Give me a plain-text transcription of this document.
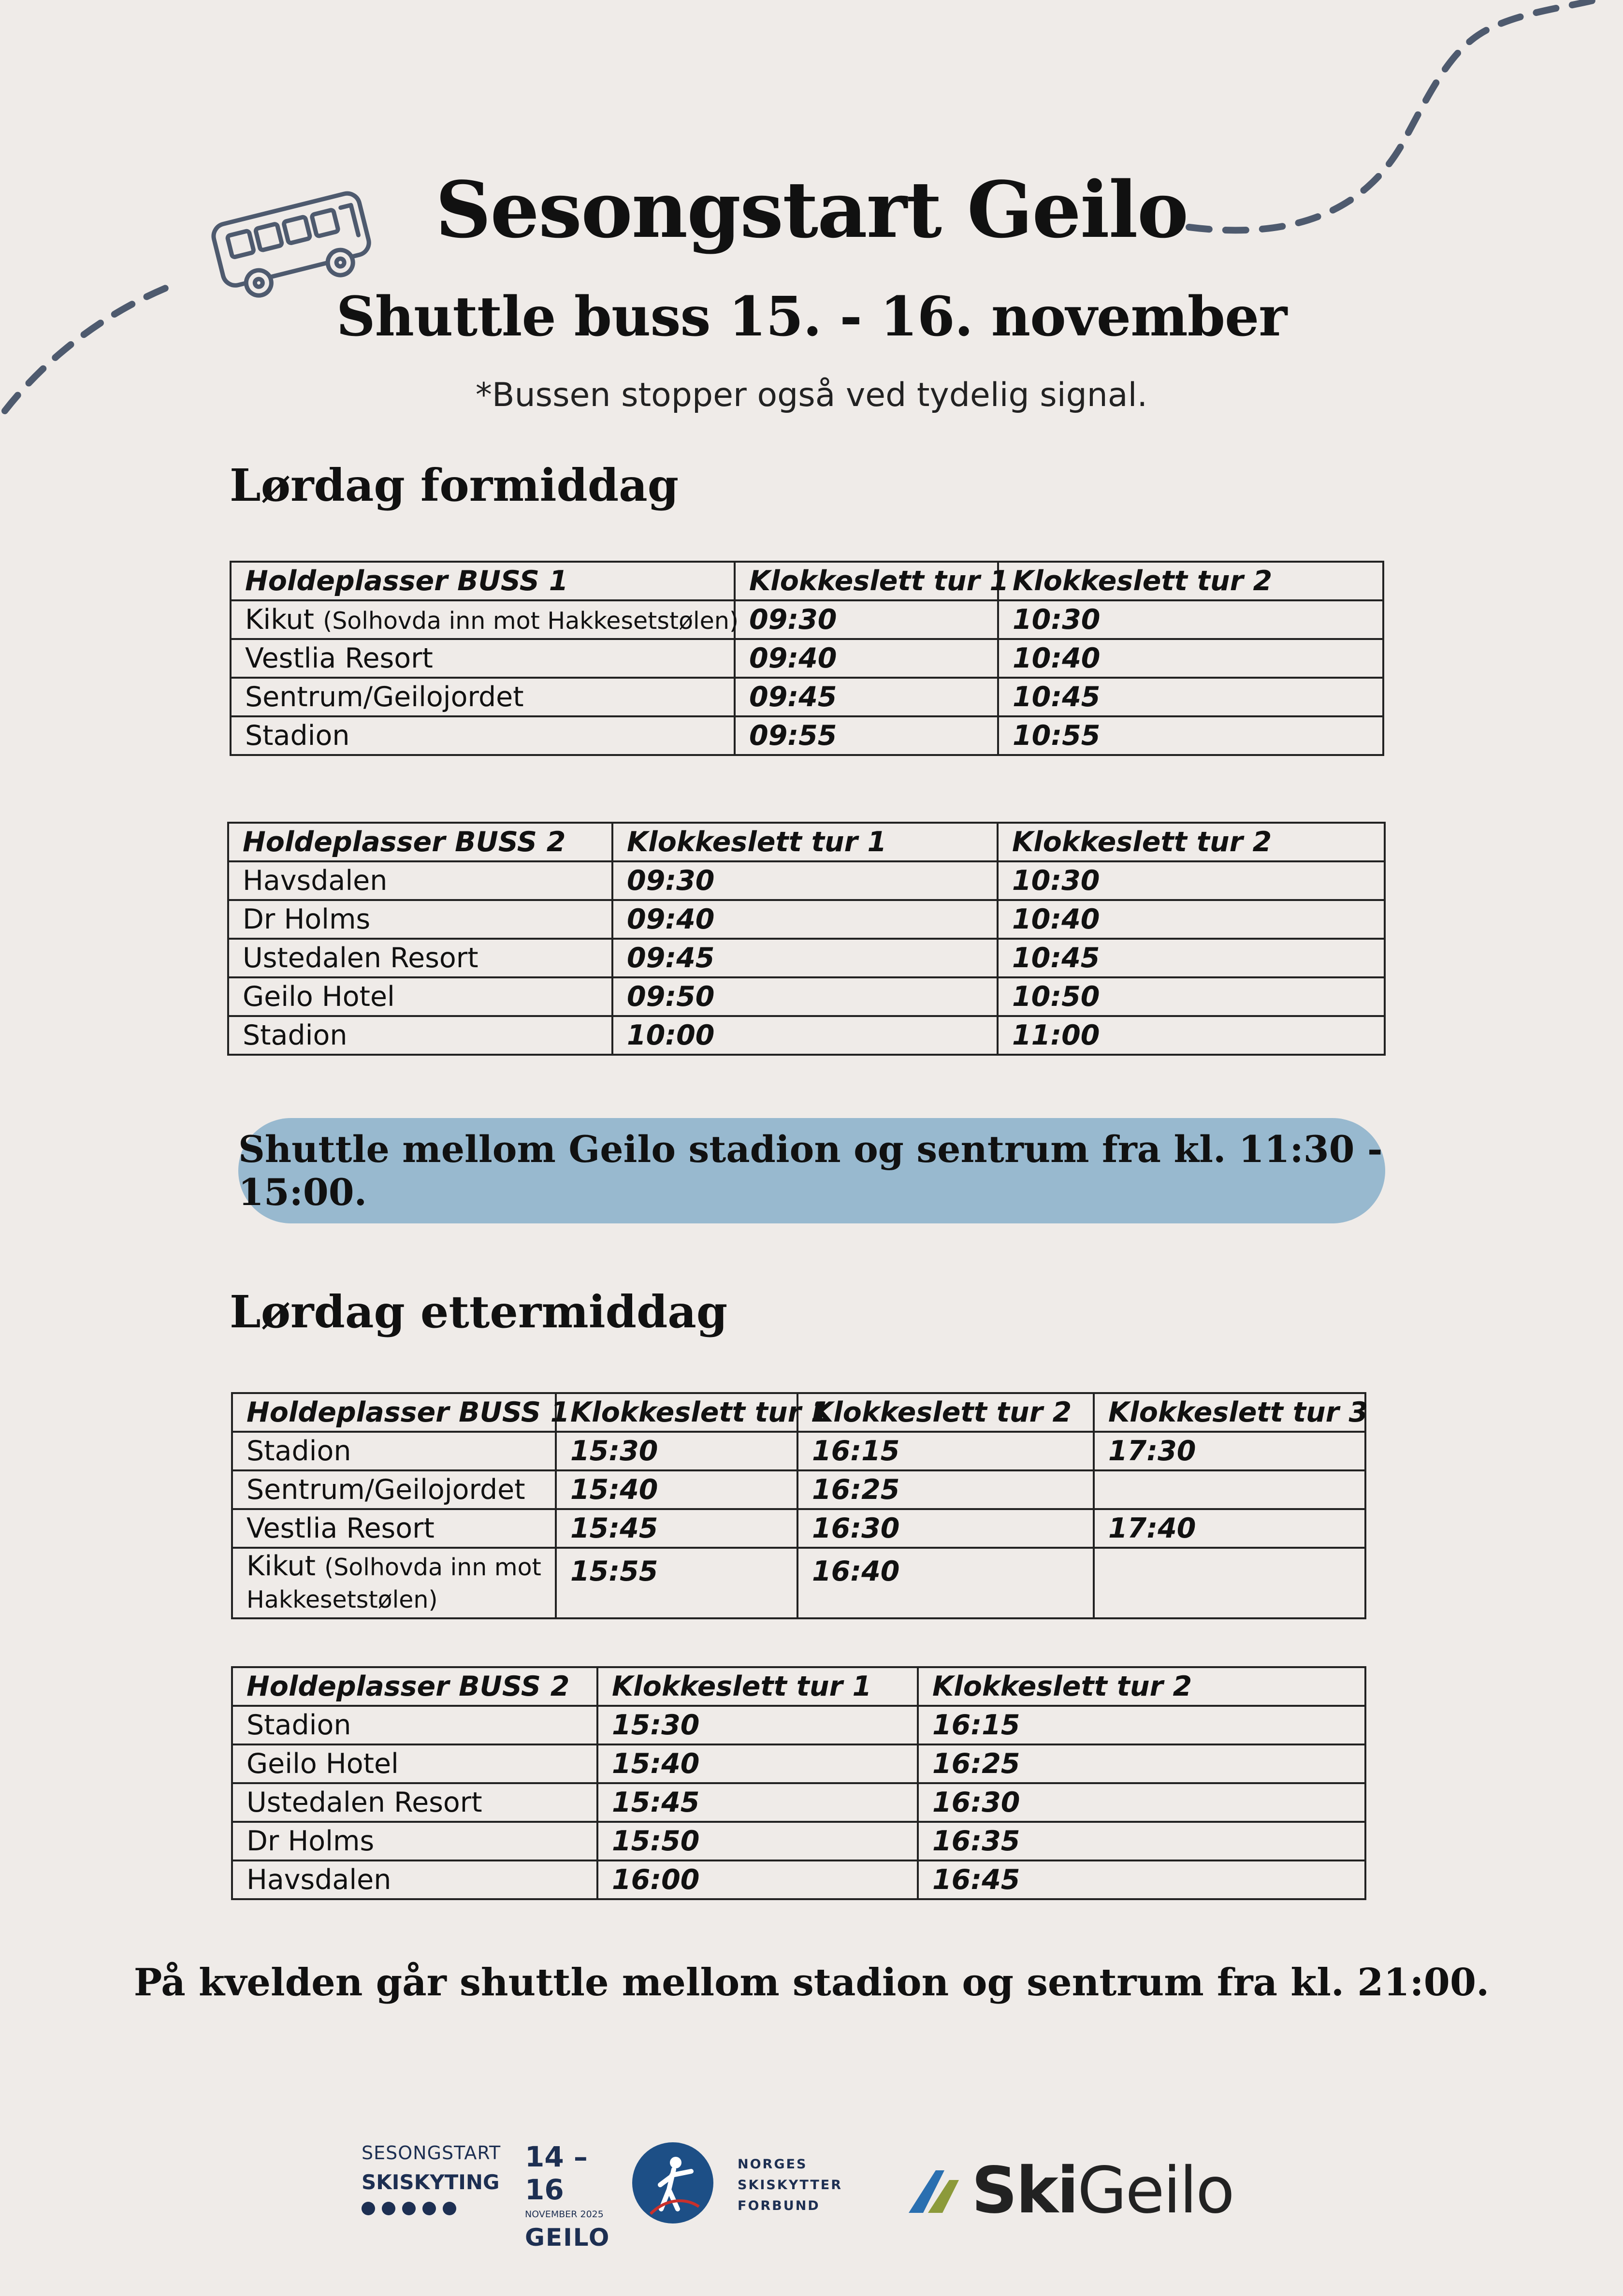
Sesongstart Geilo
Shuttle buss 15. - 16. november
*Bussen stopper også ved tydelig signal.
Lørdag formiddag
Holdeplasser BUSS 1	Klokkeslett tur 1	Klokkeslett tur 2
Kikut (Solhovda inn mot Hakkesetstølen)	09:30	10:30
Vestlia Resort	09:40	10:40
Sentrum/Geilojordet	09:45	10:45
Stadion	09:55	10:55
Holdeplasser BUSS 2	Klokkeslett tur 1	Klokkeslett tur 2
Havsdalen	09:30	10:30
Dr Holms	09:40	10:40
Ustedalen Resort	09:45	10:45
Geilo Hotel	09:50	10:50
Stadion	10:00	11:00
Shuttle mellom Geilo stadion og sentrum fra kl. 11:30 - 15:00.
Lørdag ettermiddag
Holdeplasser BUSS 1	Klokkeslett tur 1	Klokkeslett tur 2	Klokkeslett tur 3
Stadion	15:30	16:15	17:30
Sentrum/Geilojordet	15:40	16:25	
Vestlia Resort	15:45	16:30	17:40
Kikut (Solhovda inn mot Hakkesetstølen)	15:55	16:40	
Holdeplasser BUSS 2	Klokkeslett tur 1	Klokkeslett tur 2
Stadion	15:30	16:15
Geilo Hotel	15:40	16:25
Ustedalen Resort	15:45	16:30
Dr Holms	15:50	16:35
Havsdalen	16:00	16:45
På kvelden går shuttle mellom stadion og sentrum fra kl. 21:00.
SESONGSTART
SKISKYTING
14 – 16
NOVEMBER 2025
GEILO
NORGES
SKISKYTTER
FORBUND	SkiGeilo
